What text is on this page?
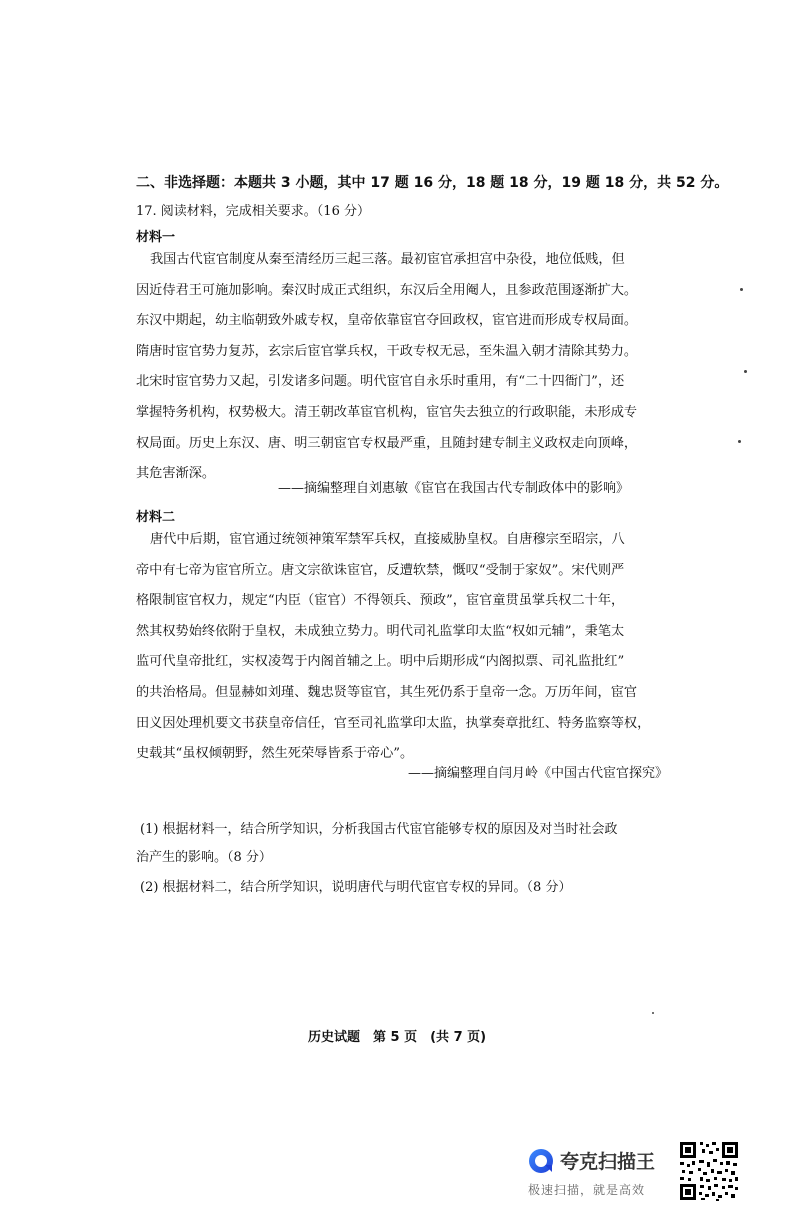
二、非选择题：本题共 3 小题，其中 17 题 16 分，18 题 18 分，19 题 18 分，共 52 分。
17. 阅读材料，完成相关要求。（16 分）
材料一
我国古代宦官制度从秦至清经历三起三落。最初宦官承担宫中杂役，地位低贱，但
因近侍君王可施加影响。秦汉时成正式组织，东汉后全用阉人，且参政范围逐渐扩大。
东汉中期起，幼主临朝致外戚专权，皇帝依靠宦官夺回政权，宦官进而形成专权局面。
隋唐时宦官势力复苏，玄宗后宦官掌兵权，干政专权无忌，至朱温入朝才清除其势力。
北宋时宦官势力又起，引发诸多问题。明代宦官自永乐时重用，有“二十四衙门”，还
掌握特务机构，权势极大。清王朝改革宦官机构，宦官失去独立的行政职能，未形成专
权局面。历史上东汉、唐、明三朝宦官专权最严重，且随封建专制主义政权走向顶峰，
其危害渐深。
——摘编整理自刘惠敏《宦官在我国古代专制政体中的影响》
材料二
唐代中后期，宦官通过统领神策军禁军兵权，直接威胁皇权。自唐穆宗至昭宗，八
帝中有七帝为宦官所立。唐文宗欲诛宦官，反遭软禁，慨叹“受制于家奴”。宋代则严
格限制宦官权力，规定“内臣（宦官）不得领兵、预政”，宦官童贯虽掌兵权二十年，
然其权势始终依附于皇权，未成独立势力。明代司礼监掌印太监“权如元辅”，秉笔太
监可代皇帝批红，实权凌驾于内阁首辅之上。明中后期形成“内阁拟票、司礼监批红”
的共治格局。但显赫如刘瑾、魏忠贤等宦官，其生死仍系于皇帝一念。万历年间，宦官
田义因处理机要文书获皇帝信任，官至司礼监掌印太监，执掌奏章批红、特务监察等权，
史载其“虽权倾朝野，然生死荣辱皆系于帝心”。
——摘编整理自闫月岭《中国古代宦官探究》
(1) 根据材料一，结合所学知识，分析我国古代宦官能够专权的原因及对当时社会政
治产生的影响。（8 分）
(2) 根据材料二，结合所学知识，说明唐代与明代宦官专权的异同。（8 分）
历史试题　第 5 页　(共 7 页)
夸克扫描王
极速扫描，就是高效
